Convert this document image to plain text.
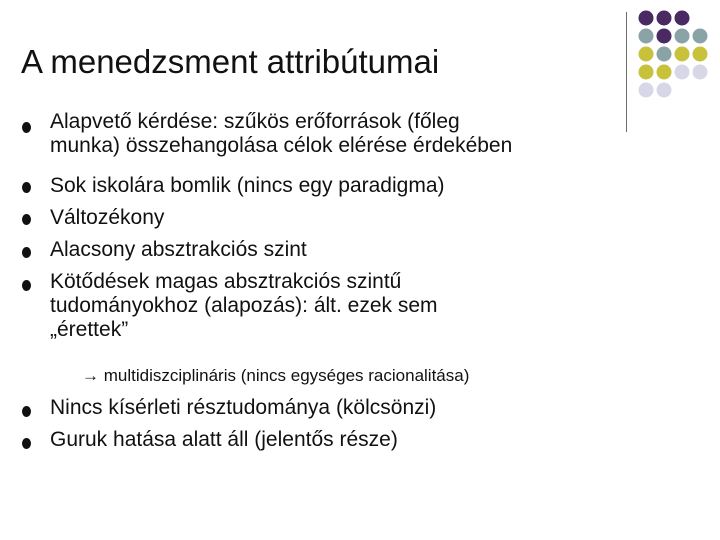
A menedzsment attribútumai
Alapvető kérdése: szűkös erőforrások (főleg
munka) összehangolása célok elérése érdekében
Sok iskolára bomlik (nincs egy paradigma)
Változékony
Alacsony absztrakciós szint
Kötődések magas absztrakciós szintű
tudományokhoz (alapozás): ált. ezek sem
„érettek”
→ multidiszciplináris (nincs egységes racionalitása)
Nincs kísérleti résztudománya (kölcsönzi)
Guruk hatása alatt áll (jelentős része)
